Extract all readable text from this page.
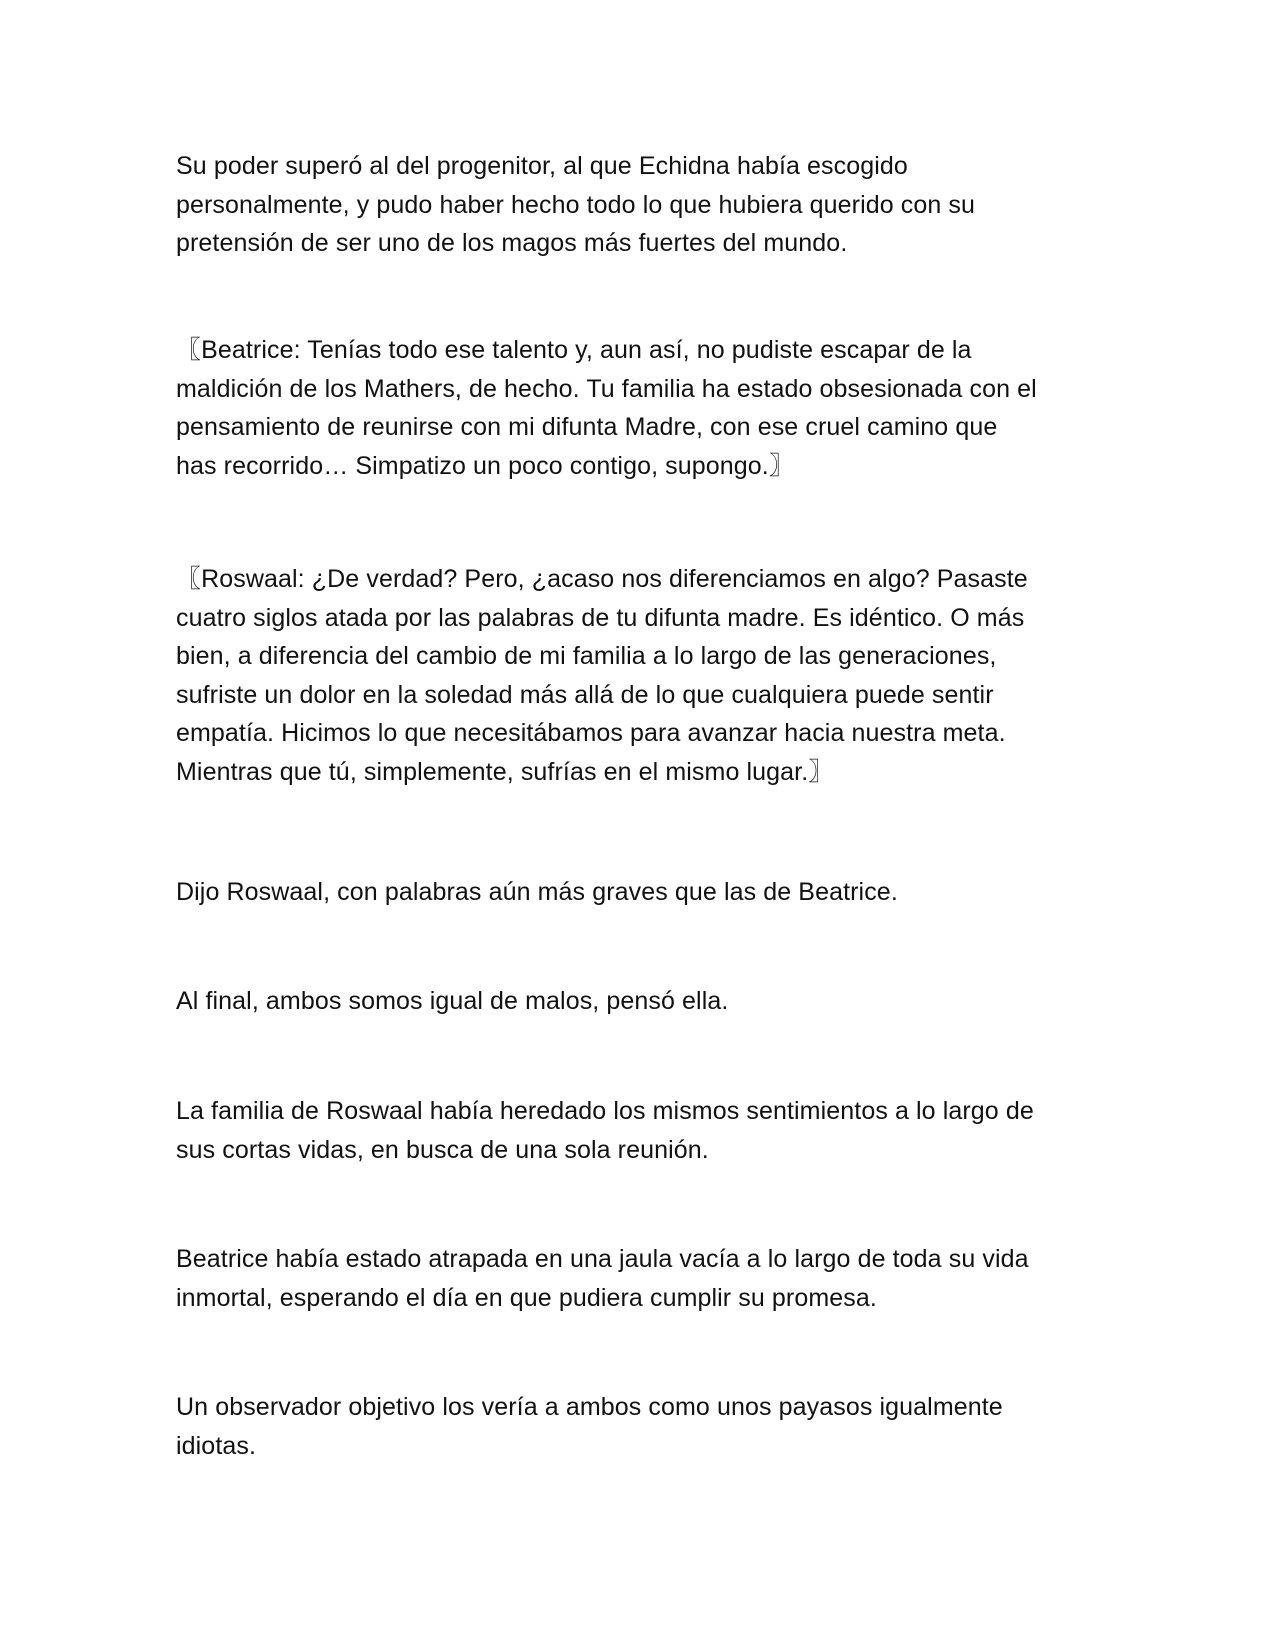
Su poder superó al del progenitor, al que Echidna había escogido
personalmente, y pudo haber hecho todo lo que hubiera querido con su
pretensión de ser uno de los magos más fuertes del mundo.

〖Beatrice: Tenías todo ese talento y, aun así, no pudiste escapar de la
maldición de los Mathers, de hecho. Tu familia ha estado obsesionada con el
pensamiento de reunirse con mi difunta Madre, con ese cruel camino que
has recorrido… Simpatizo un poco contigo, supongo.〗

〖Roswaal: ¿De verdad? Pero, ¿acaso nos diferenciamos en algo? Pasaste
cuatro siglos atada por las palabras de tu difunta madre. Es idéntico. O más
bien, a diferencia del cambio de mi familia a lo largo de las generaciones,
sufriste un dolor en la soledad más allá de lo que cualquiera puede sentir
empatía. Hicimos lo que necesitábamos para avanzar hacia nuestra meta.
Mientras que tú, simplemente, sufrías en el mismo lugar.〗

Dijo Roswaal, con palabras aún más graves que las de Beatrice.

Al final, ambos somos igual de malos, pensó ella.

La familia de Roswaal había heredado los mismos sentimientos a lo largo de
sus cortas vidas, en busca de una sola reunión.

Beatrice había estado atrapada en una jaula vacía a lo largo de toda su vida
inmortal, esperando el día en que pudiera cumplir su promesa.

Un observador objetivo los vería a ambos como unos payasos igualmente
idiotas.
